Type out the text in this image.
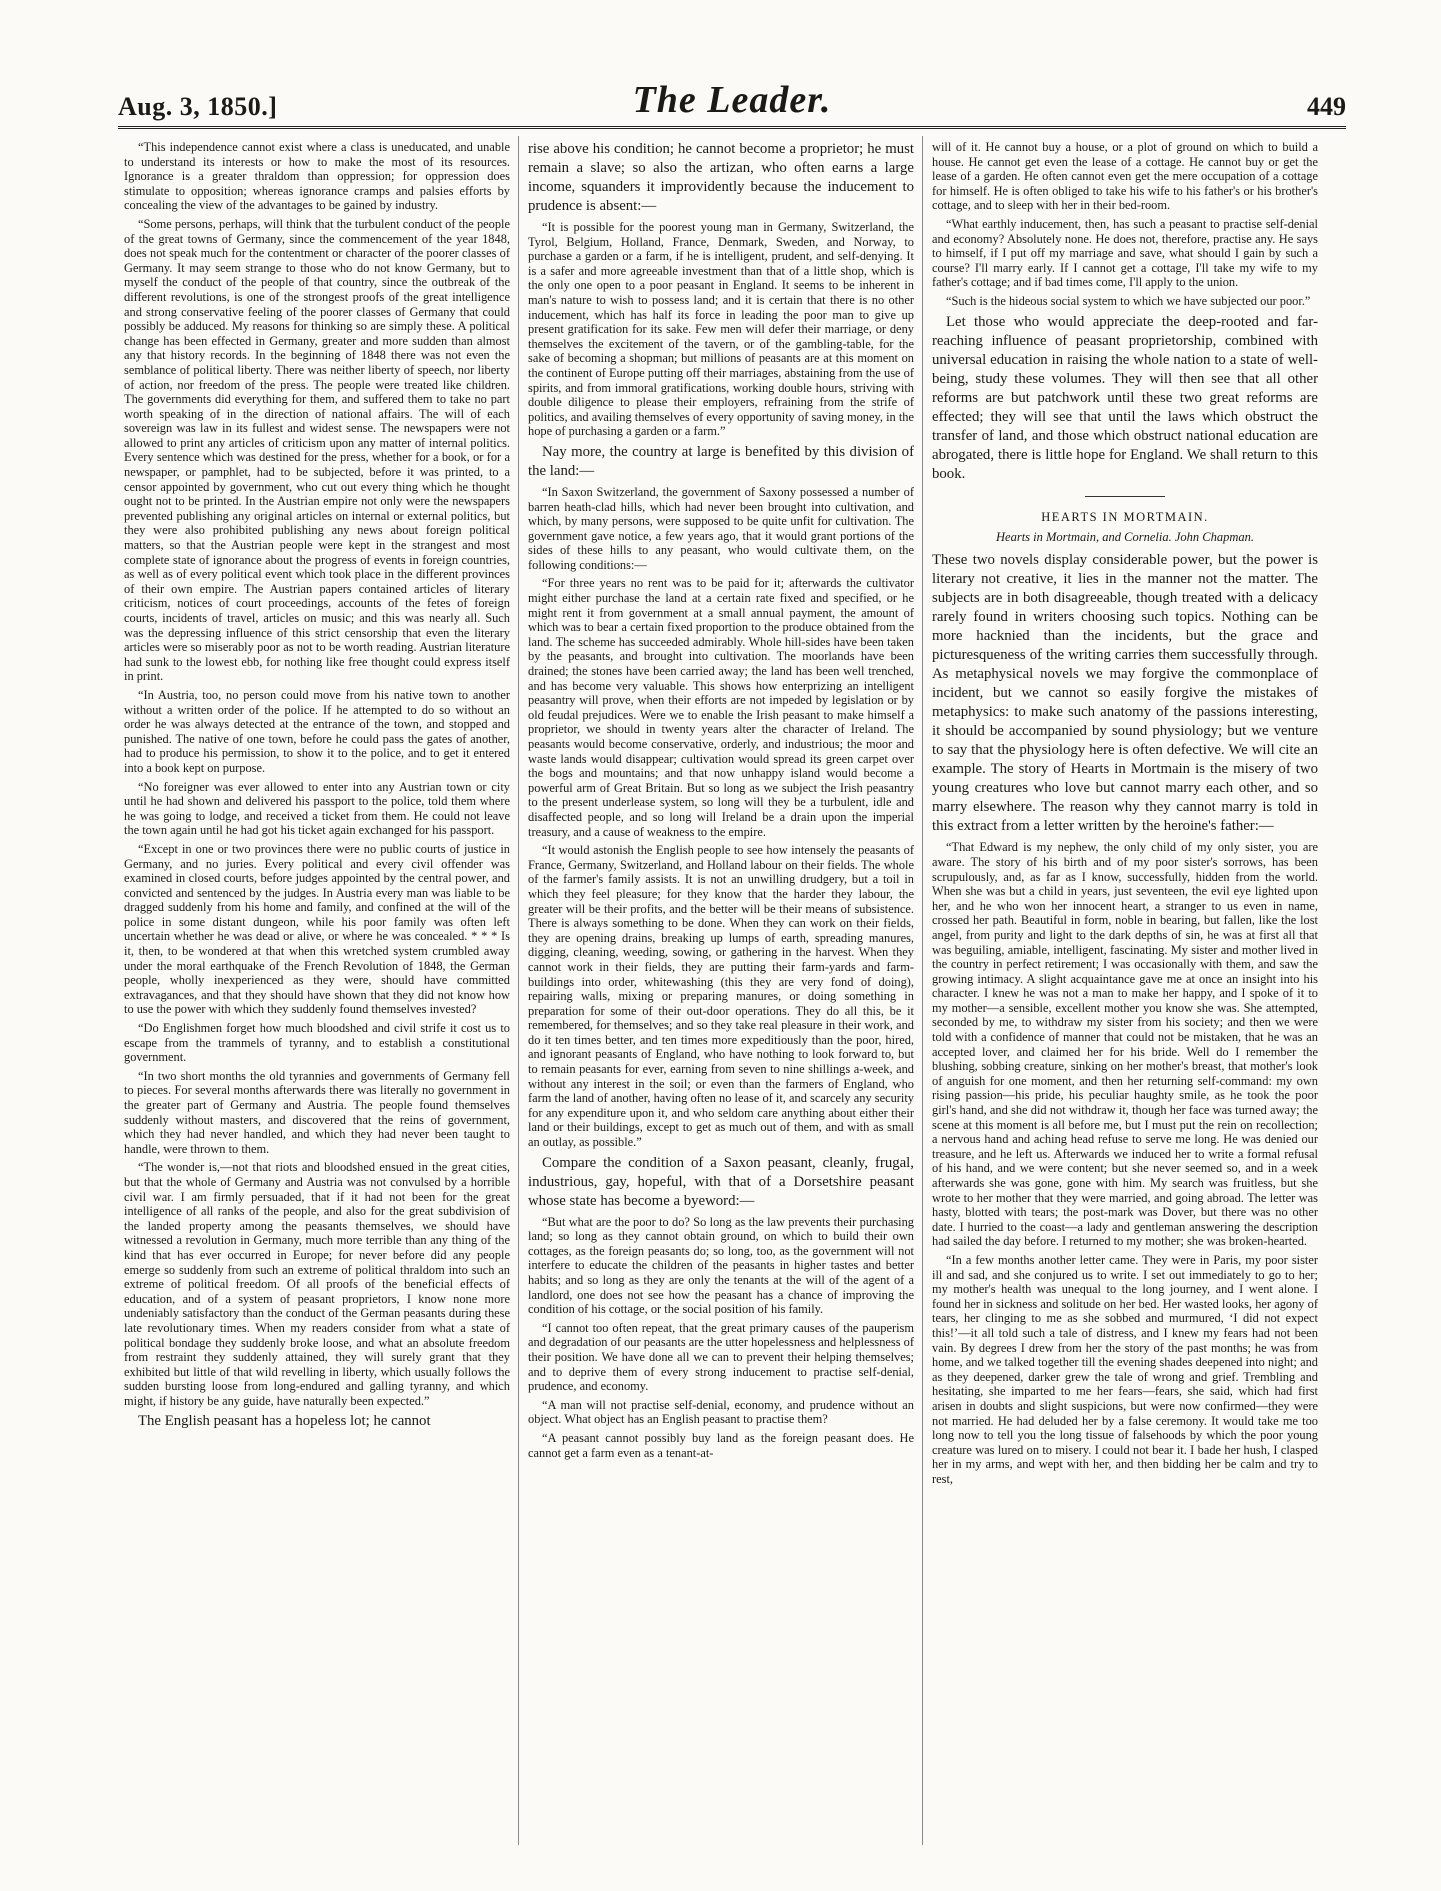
Aug. 3, 1850.]	The Leader.	449

“This independence cannot exist where a class is uneducated, and unable to understand its interests or how to make the most of its resources. Ignorance is a greater thraldom than oppression; for oppression does stimulate to opposition; whereas ignorance cramps and palsies efforts by concealing the view of the advantages to be gained by industry.

“Some persons, perhaps, will think that the turbulent conduct of the people of the great towns of Germany, since the commencement of the year 1848, does not speak much for the contentment or character of the poorer classes of Germany. It may seem strange to those who do not know Germany, but to myself the conduct of the people of that country, since the outbreak of the different revolutions, is one of the strongest proofs of the great intelligence and strong conservative feeling of the poorer classes of Germany that could possibly be adduced. My reasons for thinking so are simply these. A political change has been effected in Germany, greater and more sudden than almost any that history records. In the beginning of 1848 there was not even the semblance of political liberty. There was neither liberty of speech, nor liberty of action, nor freedom of the press. The people were treated like children. The governments did everything for them, and suffered them to take no part worth speaking of in the direction of national affairs. The will of each sovereign was law in its fullest and widest sense. The newspapers were not allowed to print any articles of criticism upon any matter of internal politics. Every sentence which was destined for the press, whether for a book, or for a newspaper, or pamphlet, had to be subjected, before it was printed, to a censor appointed by government, who cut out every thing which he thought ought not to be printed. In the Austrian empire not only were the newspapers prevented publishing any original articles on internal or external politics, but they were also prohibited publishing any news about foreign political matters, so that the Austrian people were kept in the strangest and most complete state of ignorance about the progress of events in foreign countries, as well as of every political event which took place in the different provinces of their own empire. The Austrian papers contained articles of literary criticism, notices of court proceedings, accounts of the fetes of foreign courts, incidents of travel, articles on music; and this was nearly all. Such was the depressing influence of this strict censorship that even the literary articles were so miserably poor as not to be worth reading. Austrian literature had sunk to the lowest ebb, for nothing like free thought could express itself in print.

“In Austria, too, no person could move from his native town to another without a written order of the police. If he attempted to do so without an order he was always detected at the entrance of the town, and stopped and punished. The native of one town, before he could pass the gates of another, had to produce his permission, to show it to the police, and to get it entered into a book kept on purpose.

“No foreigner was ever allowed to enter into any Austrian town or city until he had shown and delivered his passport to the police, told them where he was going to lodge, and received a ticket from them. He could not leave the town again until he had got his ticket again exchanged for his passport.

“Except in one or two provinces there were no public courts of justice in Germany, and no juries. Every political and every civil offender was examined in closed courts, before judges appointed by the central power, and convicted and sentenced by the judges. In Austria every man was liable to be dragged suddenly from his home and family, and confined at the will of the police in some distant dungeon, while his poor family was often left uncertain whether he was dead or alive, or where he was concealed. * * * Is it, then, to be wondered at that when this wretched system crumbled away under the moral earthquake of the French Revolution of 1848, the German people, wholly inexperienced as they were, should have committed extravagances, and that they should have shown that they did not know how to use the power with which they suddenly found themselves invested?

“Do Englishmen forget how much bloodshed and civil strife it cost us to escape from the trammels of tyranny, and to establish a constitutional government.

“In two short months the old tyrannies and governments of Germany fell to pieces. For several months afterwards there was literally no government in the greater part of Germany and Austria. The people found themselves suddenly without masters, and discovered that the reins of government, which they had never handled, and which they had never been taught to handle, were thrown to them.

“The wonder is,—not that riots and bloodshed ensued in the great cities, but that the whole of Germany and Austria was not convulsed by a horrible civil war. I am firmly persuaded, that if it had not been for the great intelligence of all ranks of the people, and also for the great subdivision of the landed property among the peasants themselves, we should have witnessed a revolution in Germany, much more terrible than any thing of the kind that has ever occurred in Europe; for never before did any people emerge so suddenly from such an extreme of political thraldom into such an extreme of political freedom. Of all proofs of the beneficial effects of education, and of a system of peasant proprietors, I know none more undeniably satisfactory than the conduct of the German peasants during these late revolutionary times. When my readers consider from what a state of political bondage they suddenly broke loose, and what an absolute freedom from restraint they suddenly attained, they will surely grant that they exhibited but little of that wild revelling in liberty, which usually follows the sudden bursting loose from long-endured and galling tyranny, and which might, if history be any guide, have naturally been expected.”

The English peasant has a hopeless lot; he cannot

rise above his condition; he cannot become a proprietor; he must remain a slave; so also the artizan, who often earns a large income, squanders it improvidently because the inducement to prudence is absent:—

“It is possible for the poorest young man in Germany, Switzerland, the Tyrol, Belgium, Holland, France, Denmark, Sweden, and Norway, to purchase a garden or a farm, if he is intelligent, prudent, and self-denying. It is a safer and more agreeable investment than that of a little shop, which is the only one open to a poor peasant in England. It seems to be inherent in man's nature to wish to possess land; and it is certain that there is no other inducement, which has half its force in leading the poor man to give up present gratification for its sake. Few men will defer their marriage, or deny themselves the excitement of the tavern, or of the gambling-table, for the sake of becoming a shopman; but millions of peasants are at this moment on the continent of Europe putting off their marriages, abstaining from the use of spirits, and from immoral gratifications, working double hours, striving with double diligence to please their employers, refraining from the strife of politics, and availing themselves of every opportunity of saving money, in the hope of purchasing a garden or a farm.”

Nay more, the country at large is benefited by this division of the land:—

“In Saxon Switzerland, the government of Saxony possessed a number of barren heath-clad hills, which had never been brought into cultivation, and which, by many persons, were supposed to be quite unfit for cultivation. The government gave notice, a few years ago, that it would grant portions of the sides of these hills to any peasant, who would cultivate them, on the following conditions:—

“For three years no rent was to be paid for it; afterwards the cultivator might either purchase the land at a certain rate fixed and specified, or he might rent it from government at a small annual payment, the amount of which was to bear a certain fixed proportion to the produce obtained from the land. The scheme has succeeded admirably. Whole hill-sides have been taken by the peasants, and brought into cultivation. The moorlands have been drained; the stones have been carried away; the land has been well trenched, and has become very valuable. This shows how enterprizing an intelligent peasantry will prove, when their efforts are not impeded by legislation or by old feudal prejudices. Were we to enable the Irish peasant to make himself a proprietor, we should in twenty years alter the character of Ireland. The peasants would become conservative, orderly, and industrious; the moor and waste lands would disappear; cultivation would spread its green carpet over the bogs and mountains; and that now unhappy island would become a powerful arm of Great Britain. But so long as we subject the Irish peasantry to the present underlease system, so long will they be a turbulent, idle and disaffected people, and so long will Ireland be a drain upon the imperial treasury, and a cause of weakness to the empire.

“It would astonish the English people to see how intensely the peasants of France, Germany, Switzerland, and Holland labour on their fields. The whole of the farmer's family assists. It is not an unwilling drudgery, but a toil in which they feel pleasure; for they know that the harder they labour, the greater will be their profits, and the better will be their means of subsistence. There is always something to be done. When they can work on their fields, they are opening drains, breaking up lumps of earth, spreading manures, digging, cleaning, weeding, sowing, or gathering in the harvest. When they cannot work in their fields, they are putting their farm-yards and farm-buildings into order, whitewashing (this they are very fond of doing), repairing walls, mixing or preparing manures, or doing something in preparation for some of their out-door operations. They do all this, be it remembered, for themselves; and so they take real pleasure in their work, and do it ten times better, and ten times more expeditiously than the poor, hired, and ignorant peasants of England, who have nothing to look forward to, but to remain peasants for ever, earning from seven to nine shillings a-week, and without any interest in the soil; or even than the farmers of England, who farm the land of another, having often no lease of it, and scarcely any security for any expenditure upon it, and who seldom care anything about either their land or their buildings, except to get as much out of them, and with as small an outlay, as possible.”

Compare the condition of a Saxon peasant, cleanly, frugal, industrious, gay, hopeful, with that of a Dorsetshire peasant whose state has become a byeword:—

“But what are the poor to do? So long as the law prevents their purchasing land; so long as they cannot obtain ground, on which to build their own cottages, as the foreign peasants do; so long, too, as the government will not interfere to educate the children of the peasants in higher tastes and better habits; and so long as they are only the tenants at the will of the agent of a landlord, one does not see how the peasant has a chance of improving the condition of his cottage, or the social position of his family.

“I cannot too often repeat, that the great primary causes of the pauperism and degradation of our peasants are the utter hopelessness and helplessness of their position. We have done all we can to prevent their helping themselves; and to deprive them of every strong inducement to practise self-denial, prudence, and economy.

“A man will not practise self-denial, economy, and prudence without an object. What object has an English peasant to practise them?

“A peasant cannot possibly buy land as the foreign peasant does. He cannot get a farm even as a tenant-at-

will of it. He cannot buy a house, or a plot of ground on which to build a house. He cannot get even the lease of a cottage. He cannot buy or get the lease of a garden. He often cannot even get the mere occupation of a cottage for himself. He is often obliged to take his wife to his father's or his brother's cottage, and to sleep with her in their bed-room.

“What earthly inducement, then, has such a peasant to practise self-denial and economy? Absolutely none. He does not, therefore, practise any. He says to himself, if I put off my marriage and save, what should I gain by such a course? I'll marry early. If I cannot get a cottage, I'll take my wife to my father's cottage; and if bad times come, I'll apply to the union.

“Such is the hideous social system to which we have subjected our poor.”

Let those who would appreciate the deep-rooted and far-reaching influence of peasant proprietorship, combined with universal education in raising the whole nation to a state of well-being, study these volumes. They will then see that all other reforms are but patchwork until these two great reforms are effected; they will see that until the laws which obstruct the transfer of land, and those which obstruct national education are abrogated, there is little hope for England. We shall return to this book.

HEARTS IN MORTMAIN.
Hearts in Mortmain, and Cornelia. John Chapman.

These two novels display considerable power, but the power is literary not creative, it lies in the manner not the matter. The subjects are in both disagreeable, though treated with a delicacy rarely found in writers choosing such topics. Nothing can be more hacknied than the incidents, but the grace and picturesqueness of the writing carries them successfully through. As metaphysical novels we may forgive the commonplace of incident, but we cannot so easily forgive the mistakes of metaphysics: to make such anatomy of the passions interesting, it should be accompanied by sound physiology; but we venture to say that the physiology here is often defective. We will cite an example. The story of Hearts in Mortmain is the misery of two young creatures who love but cannot marry each other, and so marry elsewhere. The reason why they cannot marry is told in this extract from a letter written by the heroine's father:—

“That Edward is my nephew, the only child of my only sister, you are aware. The story of his birth and of my poor sister's sorrows, has been scrupulously, and, as far as I know, successfully, hidden from the world. When she was but a child in years, just seventeen, the evil eye lighted upon her, and he who won her innocent heart, a stranger to us even in name, crossed her path. Beautiful in form, noble in bearing, but fallen, like the lost angel, from purity and light to the dark depths of sin, he was at first all that was beguiling, amiable, intelligent, fascinating. My sister and mother lived in the country in perfect retirement; I was occasionally with them, and saw the growing intimacy. A slight acquaintance gave me at once an insight into his character. I knew he was not a man to make her happy, and I spoke of it to my mother—a sensible, excellent mother you know she was. She attempted, seconded by me, to withdraw my sister from his society; and then we were told with a confidence of manner that could not be mistaken, that he was an accepted lover, and claimed her for his bride. Well do I remember the blushing, sobbing creature, sinking on her mother's breast, that mother's look of anguish for one moment, and then her returning self-command: my own rising passion—his pride, his peculiar haughty smile, as he took the poor girl's hand, and she did not withdraw it, though her face was turned away; the scene at this moment is all before me, but I must put the rein on recollection; a nervous hand and aching head refuse to serve me long. He was denied our treasure, and he left us. Afterwards we induced her to write a formal refusal of his hand, and we were content; but she never seemed so, and in a week afterwards she was gone, gone with him. My search was fruitless, but she wrote to her mother that they were married, and going abroad. The letter was hasty, blotted with tears; the post-mark was Dover, but there was no other date. I hurried to the coast—a lady and gentleman answering the description had sailed the day before. I returned to my mother; she was broken-hearted.

“In a few months another letter came. They were in Paris, my poor sister ill and sad, and she conjured us to write. I set out immediately to go to her; my mother's health was unequal to the long journey, and I went alone. I found her in sickness and solitude on her bed. Her wasted looks, her agony of tears, her clinging to me as she sobbed and murmured, ‘I did not expect this!’—it all told such a tale of distress, and I knew my fears had not been vain. By degrees I drew from her the story of the past months; he was from home, and we talked together till the evening shades deepened into night; and as they deepened, darker grew the tale of wrong and grief. Trembling and hesitating, she imparted to me her fears—fears, she said, which had first arisen in doubts and slight suspicions, but were now confirmed—they were not married. He had deluded her by a false ceremony. It would take me too long now to tell you the long tissue of falsehoods by which the poor young creature was lured on to misery. I could not bear it. I bade her hush, I clasped her in my arms, and wept with her, and then bidding her be calm and try to rest,
